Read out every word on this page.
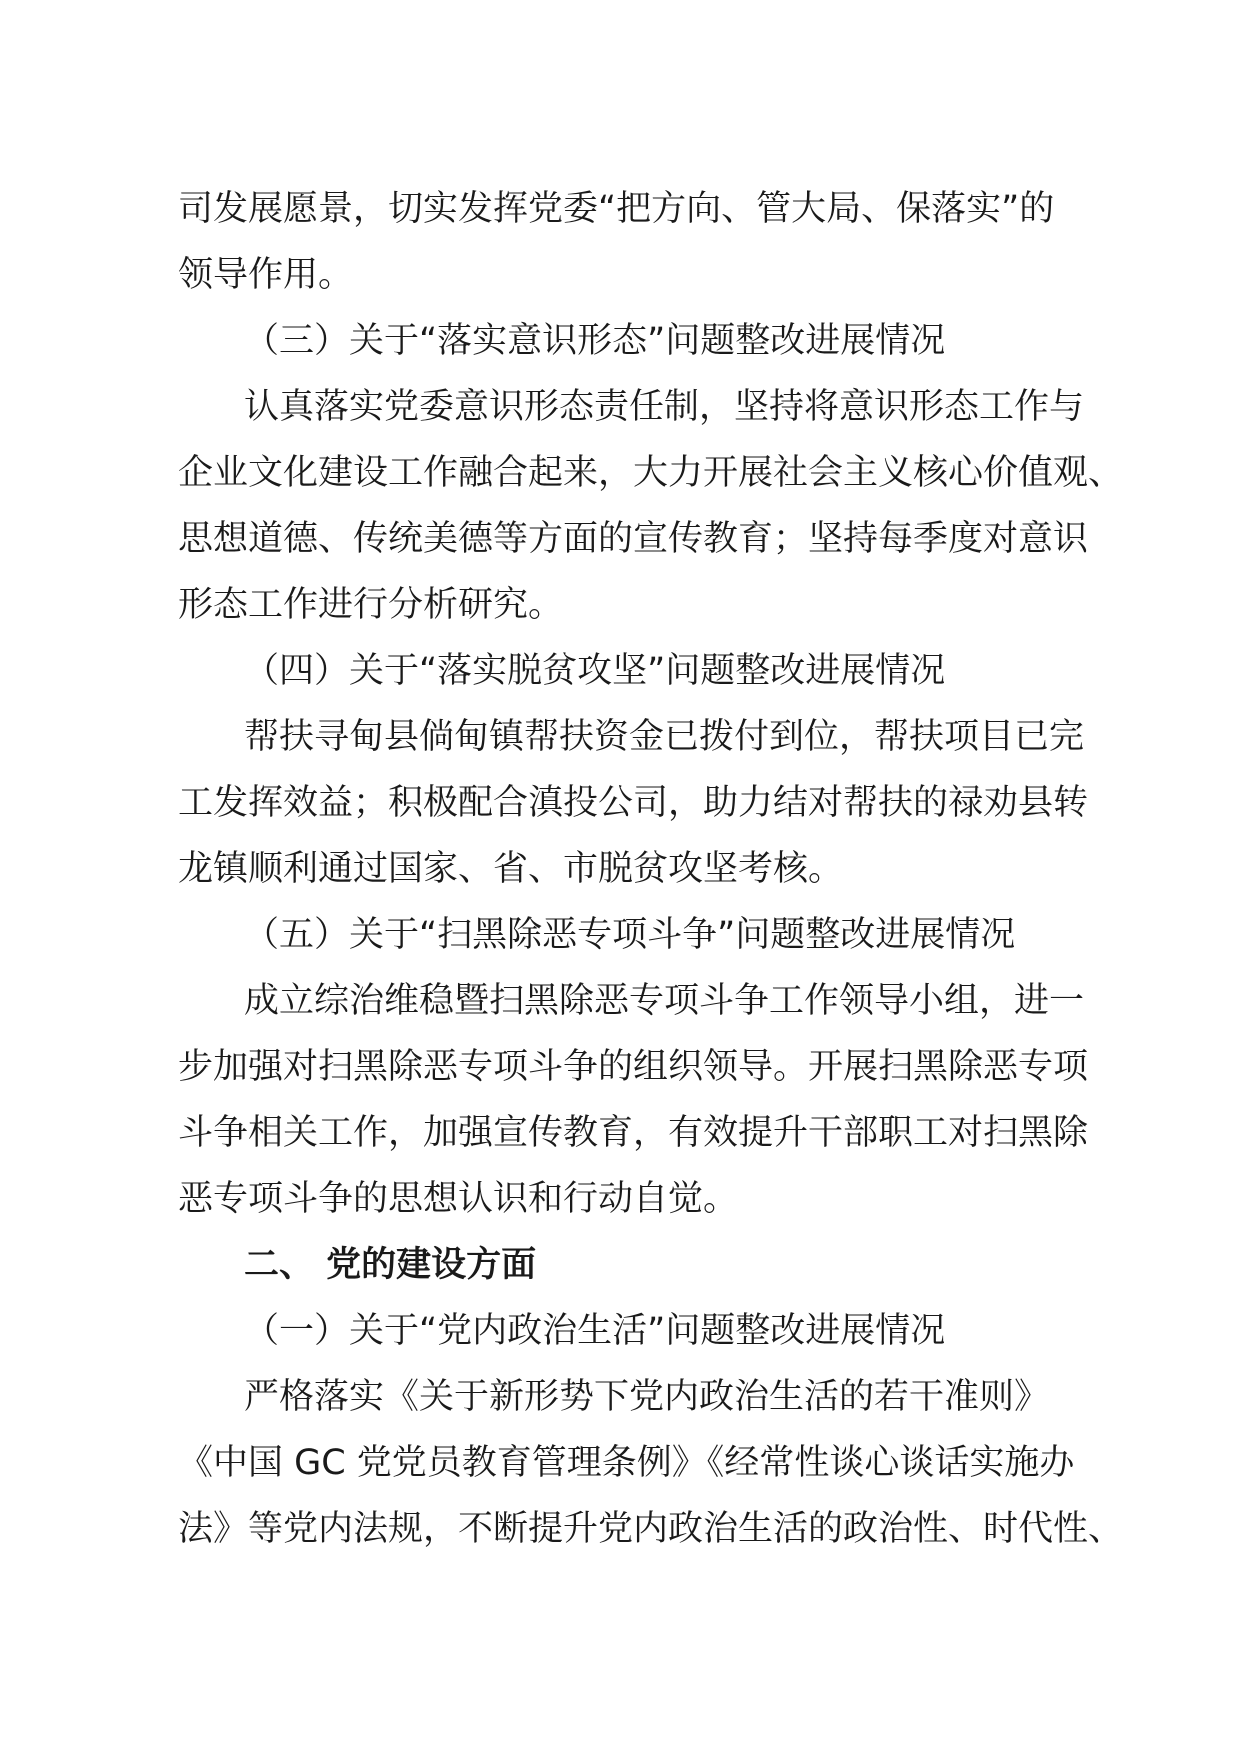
司发展愿景，切实发挥党委“把方向、管大局、保落实”的
领导作用。
（三）关于“落实意识形态”问题整改进展情况
认真落实党委意识形态责任制，坚持将意识形态工作与
企业文化建设工作融合起来，大力开展社会主义核心价值观、
思想道德、传统美德等方面的宣传教育；坚持每季度对意识
形态工作进行分析研究。
（四）关于“落实脱贫攻坚”问题整改进展情况
帮扶寻甸县倘甸镇帮扶资金已拨付到位，帮扶项目已完
工发挥效益；积极配合滇投公司，助力结对帮扶的禄劝县转
龙镇顺利通过国家、省、市脱贫攻坚考核。
（五）关于“扫黑除恶专项斗争”问题整改进展情况
成立综治维稳暨扫黑除恶专项斗争工作领导小组，进一
步加强对扫黑除恶专项斗争的组织领导。开展扫黑除恶专项
斗争相关工作，加强宣传教育，有效提升干部职工对扫黑除
恶专项斗争的思想认识和行动自觉。
二、 党的建设方面
（一）关于“党内政治生活”问题整改进展情况
严格落实《关于新形势下党内政治生活的若干准则》
《中国 GC 党党员教育管理条例》《经常性谈心谈话实施办
法》等党内法规，不断提升党内政治生活的政治性、时代性、
